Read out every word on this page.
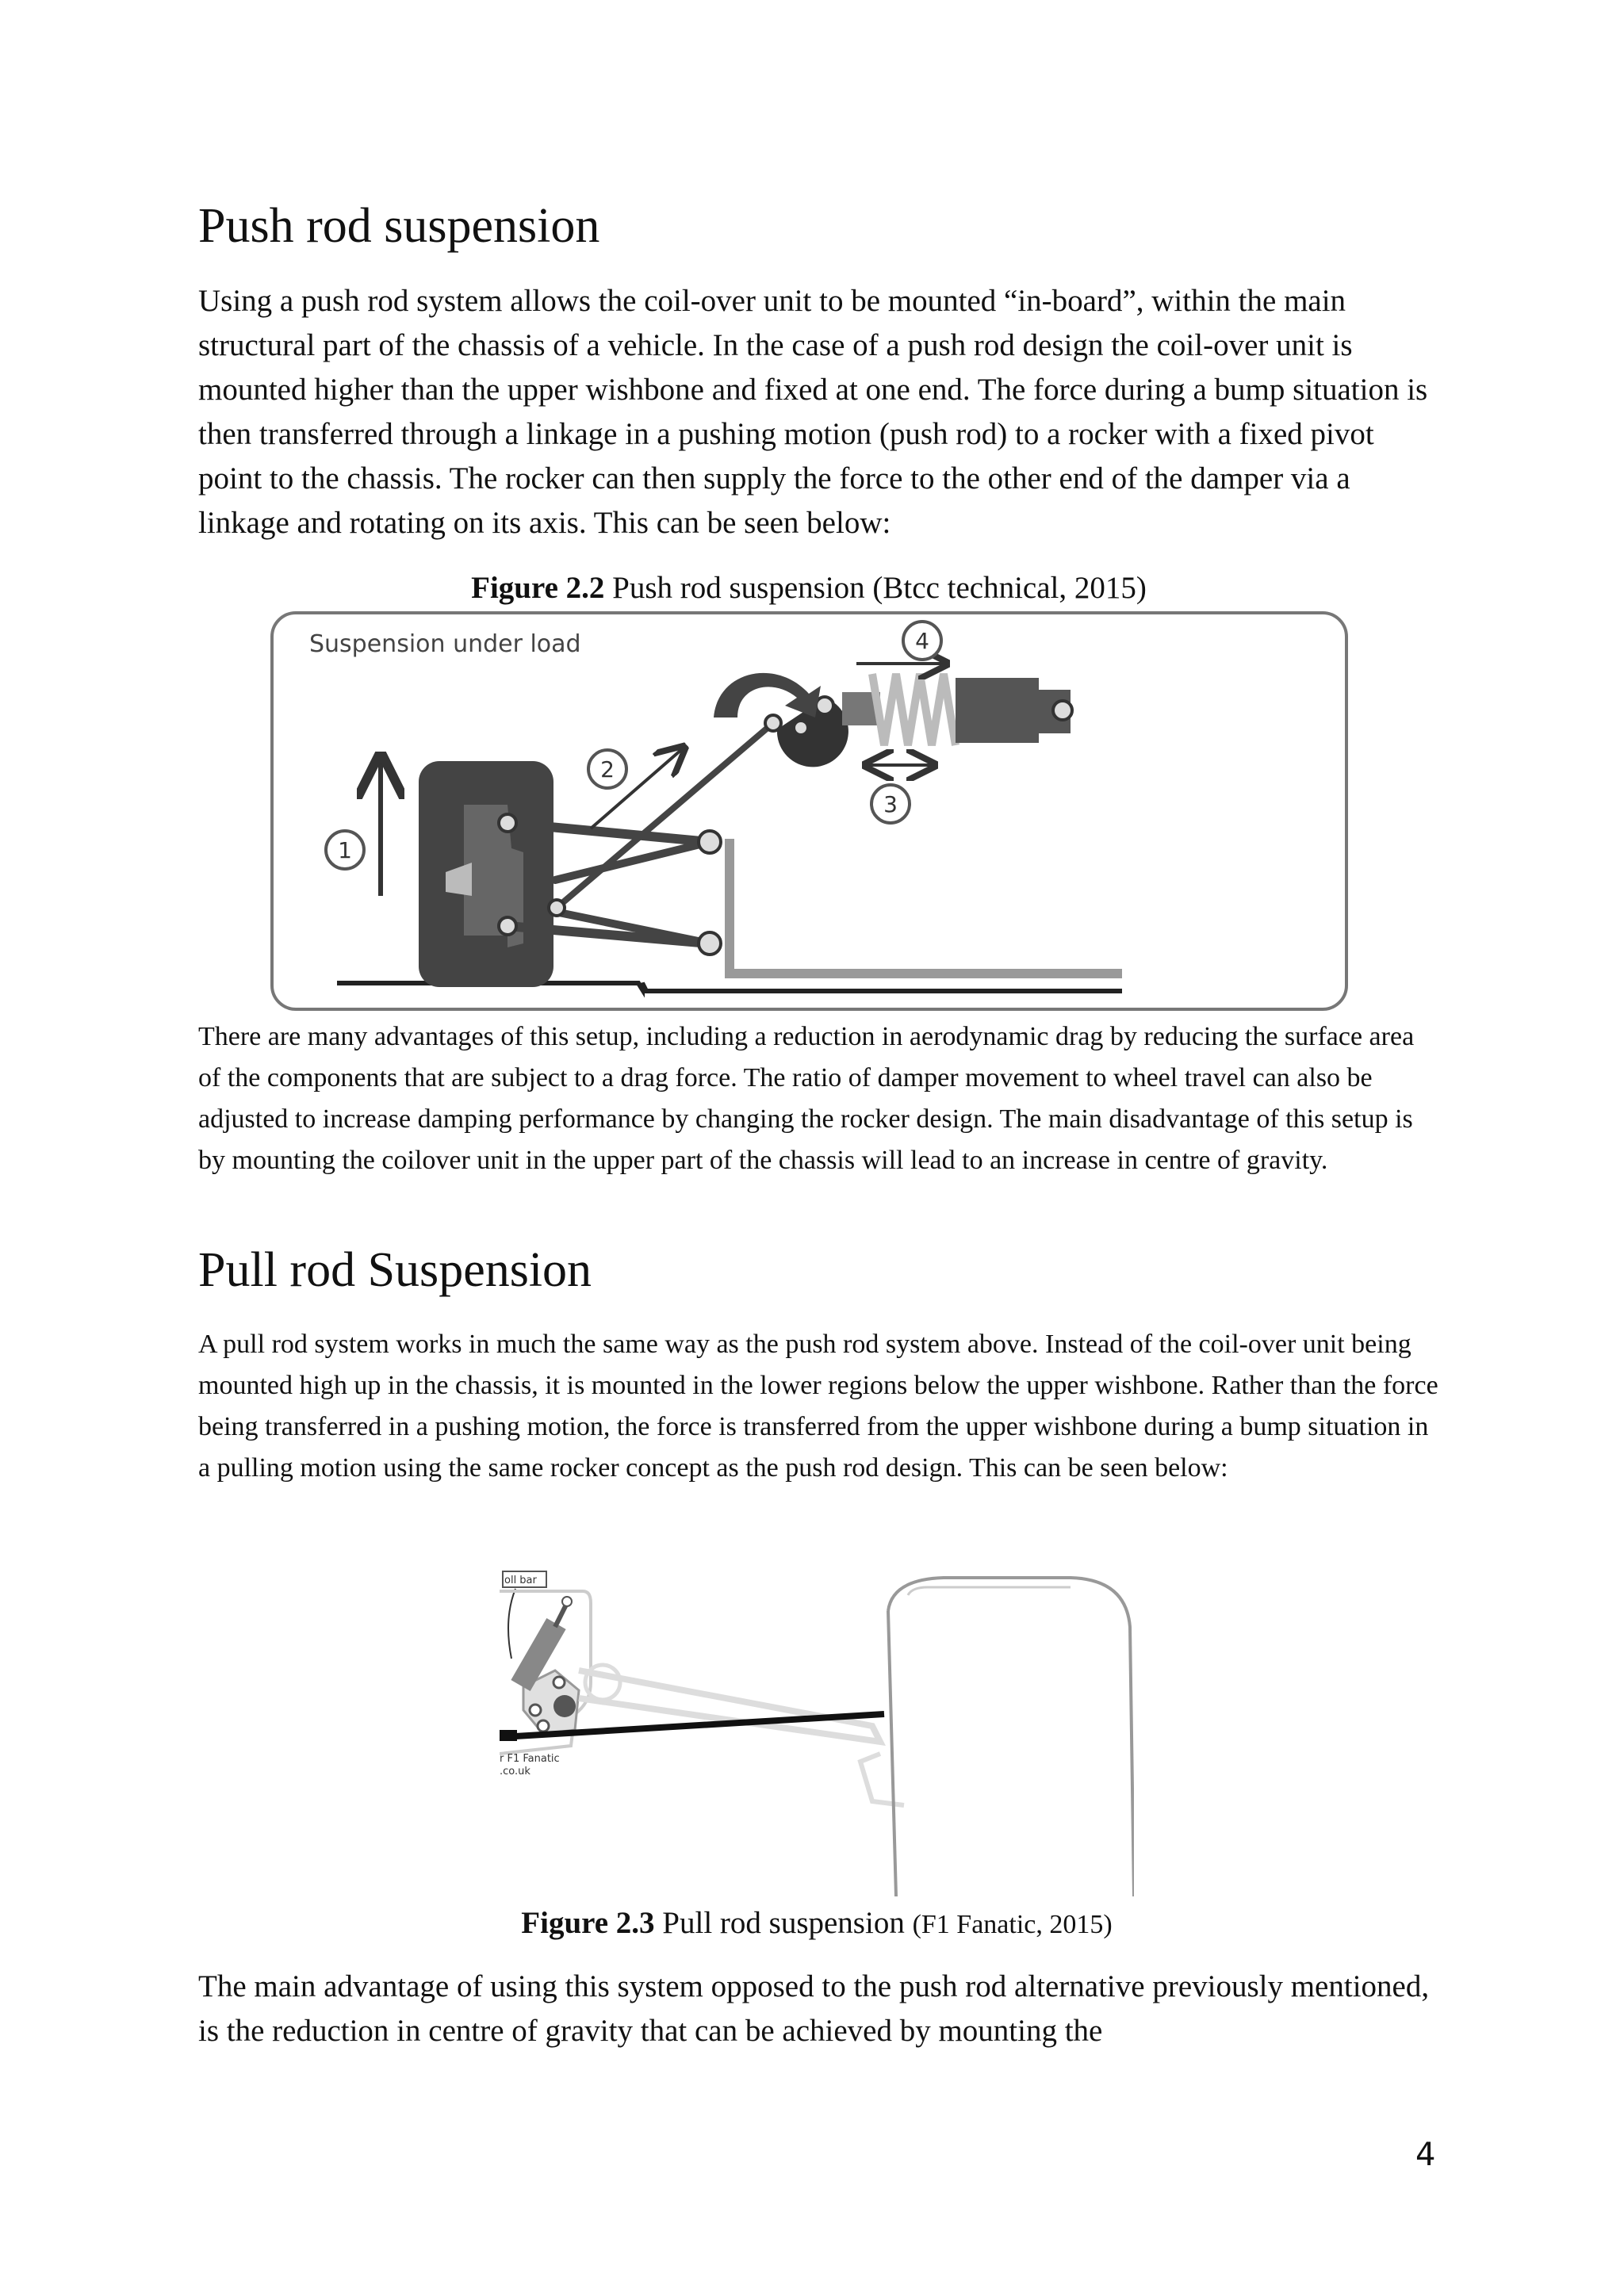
Push rod suspension

Using a push rod system allows the coil-over unit to be mounted “in-board”, within the main structural part of the chassis of a vehicle. In the case of a push rod design the coil-over unit is mounted higher than the upper wishbone and fixed at one end. The force during a bump situation is then transferred through a linkage in a pushing motion (push rod) to a rocker with a fixed pivot point to the chassis. The rocker can then supply the force to the other end of the damper via a linkage and rotating on its axis. This can be seen below:

Figure 2.2 Push rod suspension (Btcc technical, 2015)
Suspension under load
1
2
3
4

There are many advantages of this setup, including a reduction in aerodynamic drag by reducing the surface area of the components that are subject to a drag force. The ratio of damper movement to wheel travel can also be adjusted to increase damping performance by changing the rocker design. The main disadvantage of this setup is by mounting the coilover unit in the upper part of the chassis will lead to an increase in centre of gravity.

Pull rod Suspension

A pull rod system works in much the same way as the push rod system above. Instead of the coil-over unit being mounted high up in the chassis, it is mounted in the lower regions below the upper wishbone. Rather than the force being transferred in a pushing motion, the force is transferred from the upper wishbone during a bump situation in a pulling motion using the same rocker concept as the push rod design. This can be seen below:

oll bar
r F1 Fanatic
.co.uk
Figure 2.3 Pull rod suspension (F1 Fanatic, 2015)

The main advantage of using this system opposed to the push rod alternative previously mentioned, is the reduction in centre of gravity that can be achieved by mounting the

4
